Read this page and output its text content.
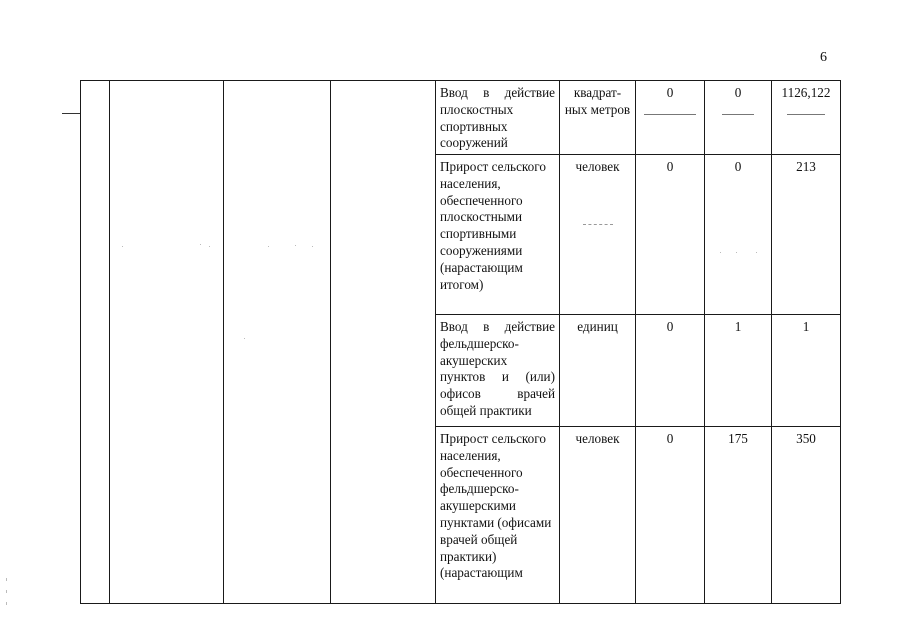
6
				Ввод в действие плоскостных спортивных сооружений	квадрат-ных метров	0	0	1126,122

				Прирост сельского населения, обеспеченного плоскостными спортивными сооружениями (нарастающим итогом)	человек	0	0	213
				Ввод в действие фельдшерско-акушерских пунктов и (или) офисов врачей общей практики	единиц	0	1	1
				Прирост сельского населения, обеспеченного фельдшерско-акушерскими пунктами (офисами врачей общей практики) (нарастающим	человек	0	175	350
